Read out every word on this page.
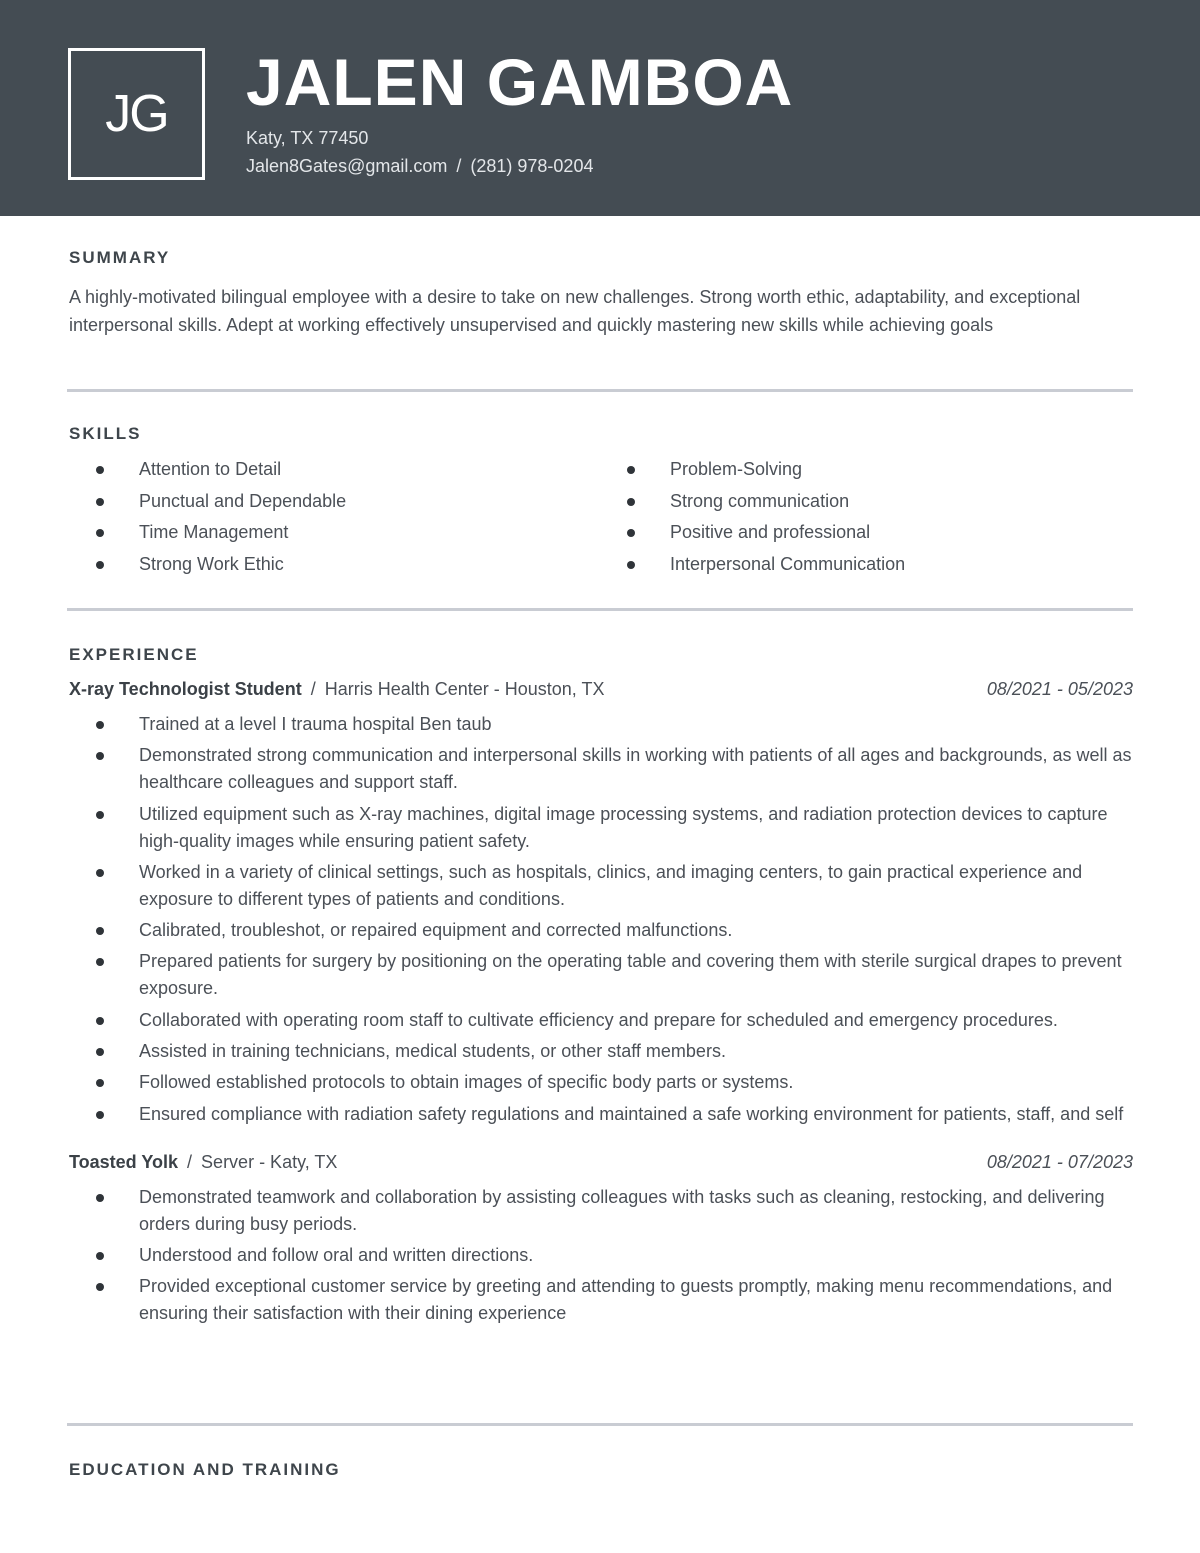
JG	JALEN GAMBOA
Katy, TX 77450
Jalen8Gates@gmail.com / (281) 978-0204
SUMMARY

A highly-motivated bilingual employee with a desire to take on new challenges. Strong worth ethic, adaptability, and exceptional interpersonal skills. Adept at working effectively unsupervised and quickly mastering new skills while achieving goals

SKILLS
Attention to Detail
Punctual and Dependable
Time Management
Strong Work Ethic
Problem-Solving
Strong communication
Positive and professional
Interpersonal Communication
EXPERIENCE
X-ray Technologist Student / Harris Health Center - Houston, TX	08/2021 - 05/2023
Trained at a level I trauma hospital Ben taub
Demonstrated strong communication and interpersonal skills in working with patients of all ages and backgrounds, as well as healthcare colleagues and support staff.
Utilized equipment such as X-ray machines, digital image processing systems, and radiation protection devices to capture high-quality images while ensuring patient safety.
Worked in a variety of clinical settings, such as hospitals, clinics, and imaging centers, to gain practical experience and exposure to different types of patients and conditions.
Calibrated, troubleshot, or repaired equipment and corrected malfunctions.
Prepared patients for surgery by positioning on the operating table and covering them with sterile surgical drapes to prevent exposure.
Collaborated with operating room staff to cultivate efficiency and prepare for scheduled and emergency procedures.
Assisted in training technicians, medical students, or other staff members.
Followed established protocols to obtain images of specific body parts or systems.
Ensured compliance with radiation safety regulations and maintained a safe working environment for patients, staff, and self
Toasted Yolk / Server - Katy, TX	08/2021 - 07/2023
Demonstrated teamwork and collaboration by assisting colleagues with tasks such as cleaning, restocking, and delivering orders during busy periods.
Understood and follow oral and written directions.
Provided exceptional customer service by greeting and attending to guests promptly, making menu recommendations, and ensuring their satisfaction with their dining experience
EDUCATION AND TRAINING
